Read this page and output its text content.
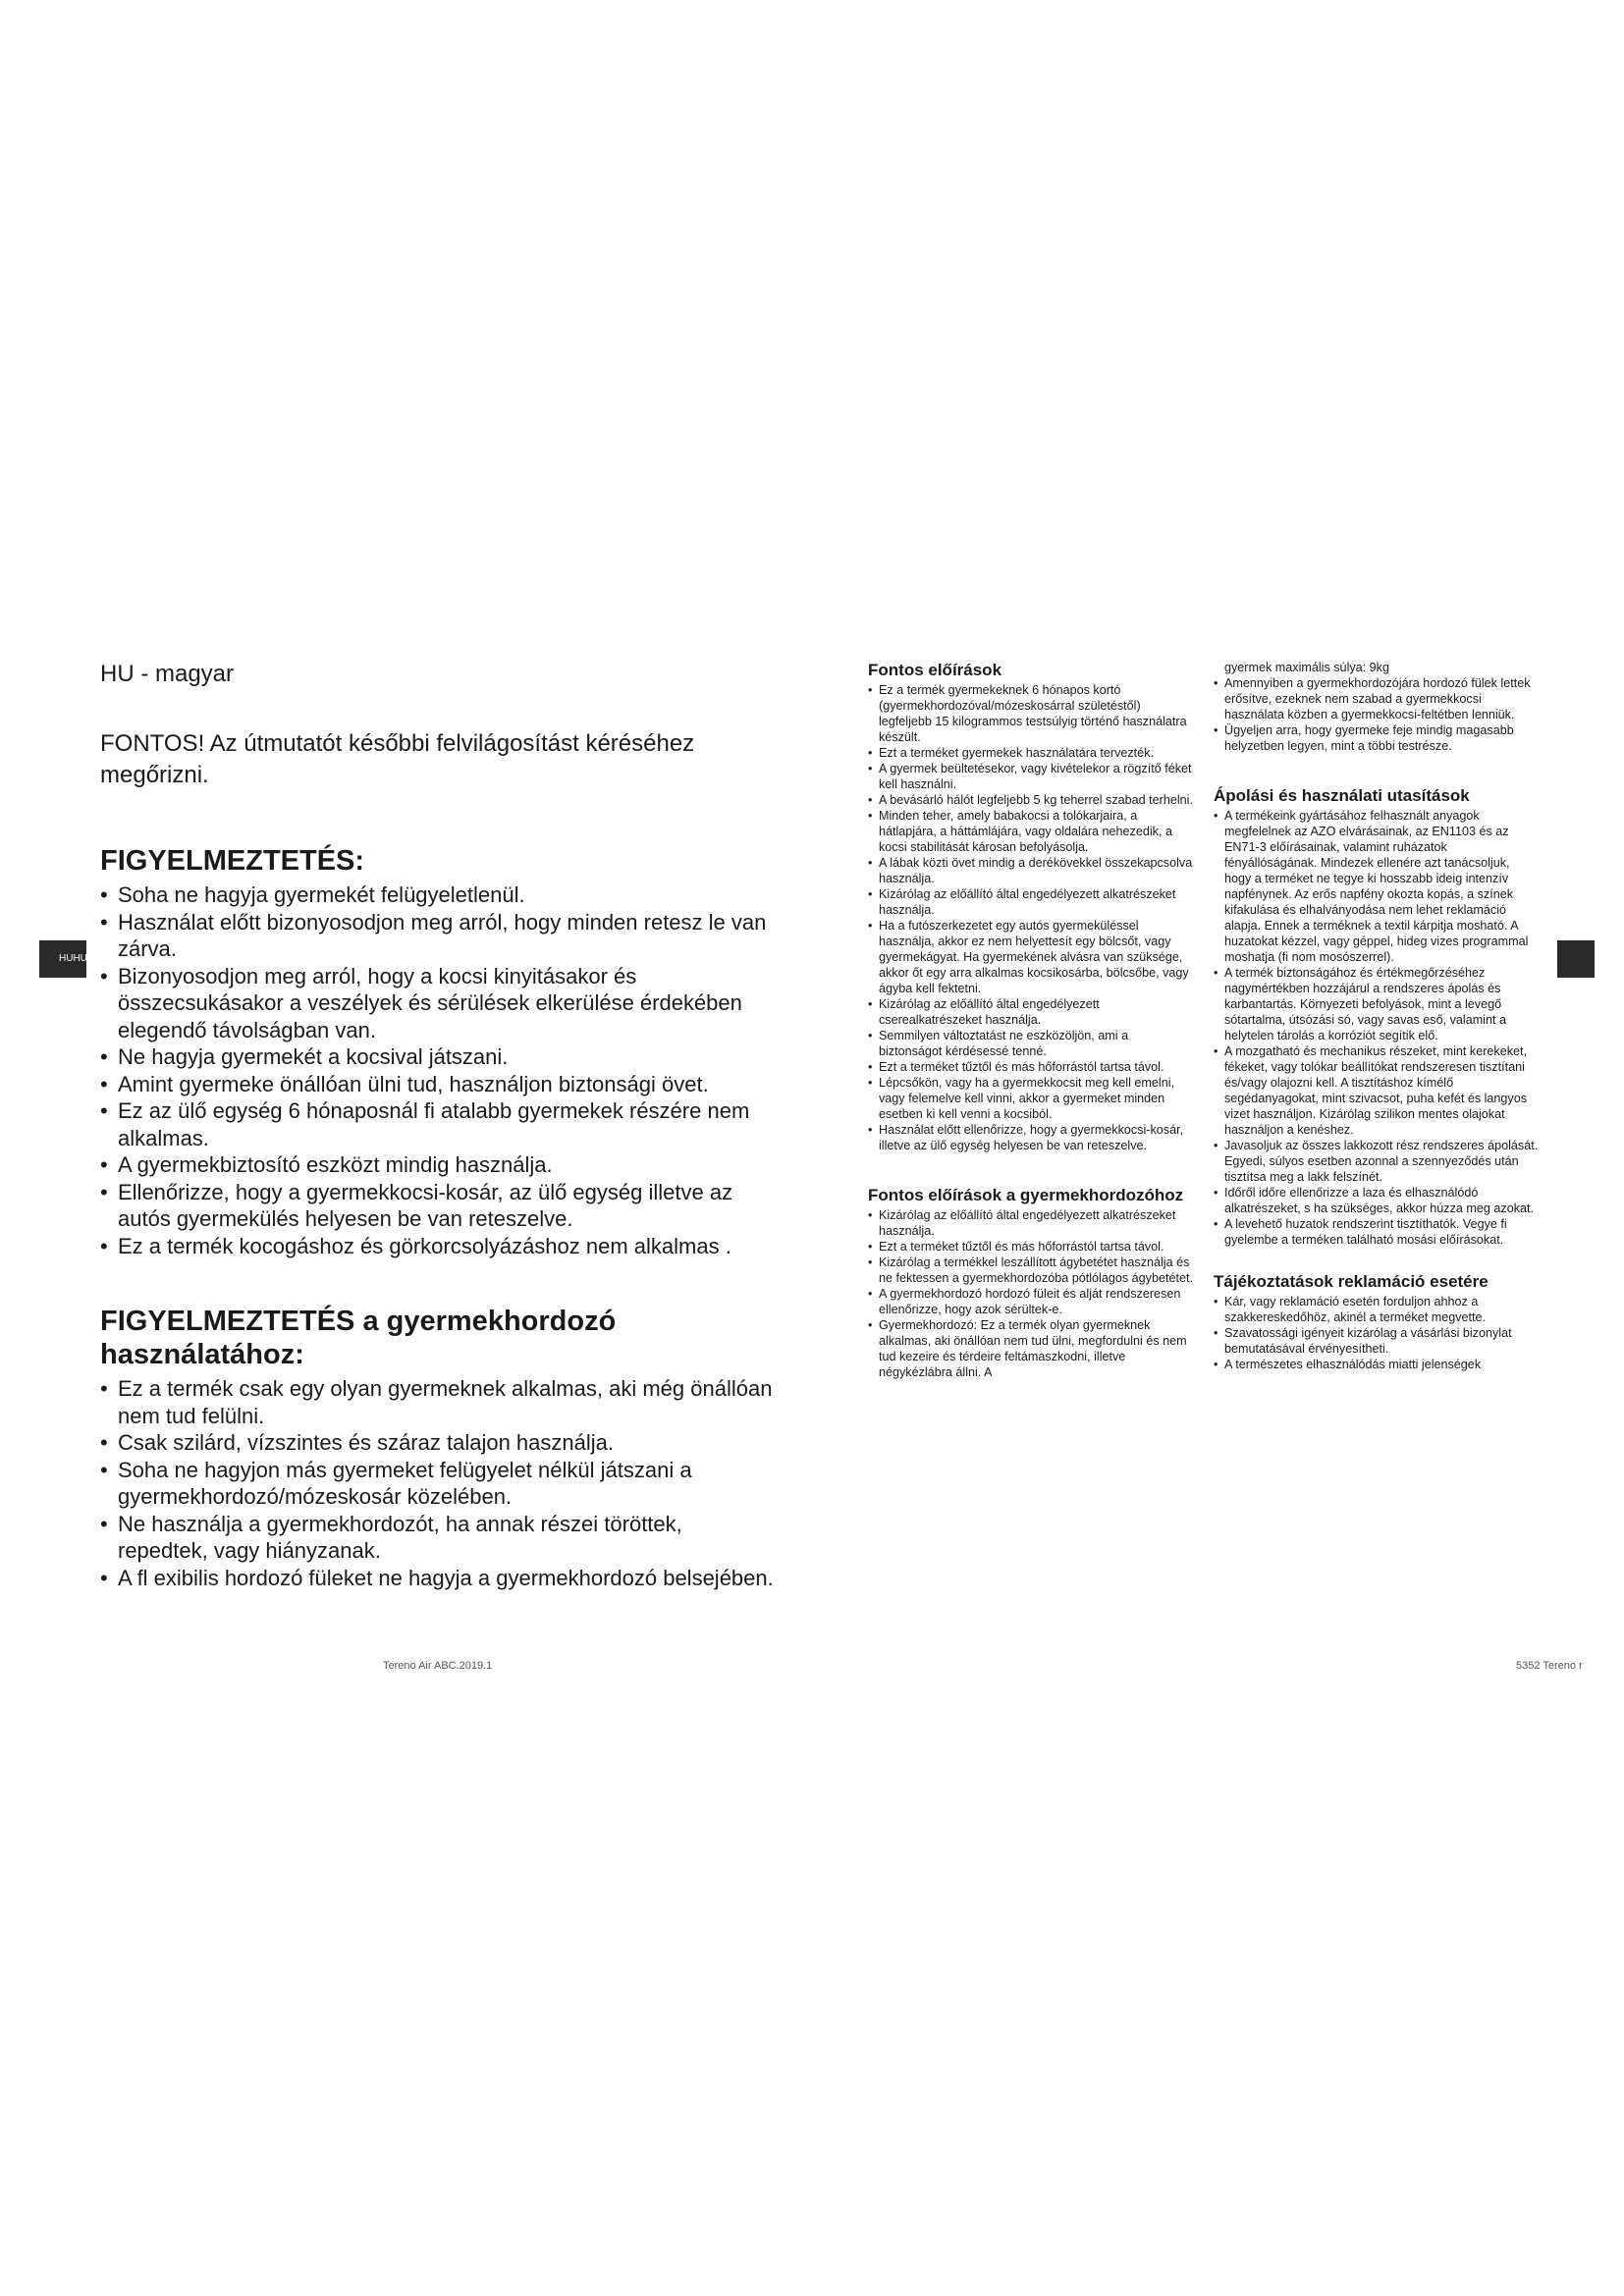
HU - magyar
FONTOS! Az útmutatót későbbi felvilágosítást kéréséhez megőrizni.
FIGYELMEZTETÉS:
• Soha ne hagyja gyermekét felügyeletlenül.
• Használat előtt bizonyosodjon meg arról, hogy minden retesz le van zárva.
• Bizonyosodjon meg arról, hogy a kocsi kinyitásakor és összecsukásakor a veszélyek és sérülések elkerülése érdekében elegendő távolságban van.
• Ne hagyja gyermekét a kocsival játszani.
• Amint gyermeke önállóan ülni tud, használjon biztonsági övet.
• Ez az ülő egység 6 hónaposnál fi atalabb gyermekek részére nem alkalmas.
• A gyermekbiztosító eszközt mindig használja.
• Ellenőrizze, hogy a gyermekkocsi-kosár, az ülő egység illetve az autós gyermekülés helyesen be van reteszelve.
• Ez a termék kocogáshoz és görkorcsolyázáshoz nem alkalmas .
FIGYELMEZTETÉS a gyermekhordozó használatához:
• Ez a termék csak egy olyan gyermeknek alkalmas, aki még önállóan nem tud felülni.
• Csak szilárd, vízszintes és száraz talajon használja.
• Soha ne hagyjon más gyermeket felügyelet nélkül játszani a gyermekhordozó/mózeskosár közelében.
• Ne használja a gyermekhordozót, ha annak részei töröttek, repedtek, vagy hiányzanak.
• A fl exibilis hordozó füleket ne hagyja a gyermekhordozó belsejében.
HUHU
Tereno Air ABC.2019.1
Fontos előírások
• Ez a termék gyermekeknek 6 hónapos kortó (gyermekhordozóval/mózeskosárral születéstől) legfeljebb 15 kilogrammos testsúlyig történő használatra készült.
• Ezt a terméket gyermekek használatára tervezték.
• A gyermek beültetésekor, vagy kivételekor a rögzítő féket kell használni.
• A bevásárló hálót legfeljebb 5 kg teherrel szabad terhelni.
• Minden teher, amely babakocsi a tolókarjaira, a hátlapjára, a háttámlájára, vagy oldalára nehezedik, a kocsi stabilitását károsan befolyásolja.
• A lábak közti övet mindig a derékövekkel összekapcsolva használja.
• Kizárólag az előállító által engedélyezett alkatrészeket használja.
• Ha a futószerkezetet egy autós gyermeküléssel használja, akkor ez nem helyettesít egy bölcsőt, vagy gyermekágyat. Ha gyermekének alvásra van szüksége, akkor őt egy arra alkalmas kocsikosárba, bölcsőbe, vagy ágyba kell fektetni.
• Kizárólag az előállító által engedélyezett cserealkatrészeket használja.
• Semmilyen változtatást ne eszközöljön, ami a biztonságot kérdésessé tenné.
• Ezt a terméket tűztől és más hőforrástól tartsa távol.
• Lépcsőkön, vagy ha a gyermekkocsit meg kell emelni, vagy felemelve kell vinni, akkor a gyermeket minden esetben ki kell venni a kocsiból.
• Használat előtt ellenőrizze, hogy a gyermekkocsi-kosár, illetve az ülő egység helyesen be van reteszelve.
Fontos előírások a gyermekhordozóhoz
• Kizárólag az előállító által engedélyezett alkatrészeket használja.
• Ezt a terméket tűztől és más hőforrástól tartsa távol.
• Kizárólag a termékkel leszállított ágybetétet használja és ne fektessen a gyermekhordozóba pótlólagos ágybetétet.
• A gyermekhordozó hordozó füleit és alját rendszeresen ellenőrizze, hogy azok sérültek-e.
• Gyermekhordozó: Ez a termék olyan gyermeknek alkalmas, aki önállóan nem tud ülni, megfordulni és nem tud kezeire és térdeire feltámaszkodni, illetve négykézlábra állni. A
gyermek maximális súlya: 9kg
• Amennyiben a gyermekhordozójára hordozó fülek lettek erősítve, ezeknek nem szabad a gyermekkocsi használata közben a gyermekkocsi-feltétben lenniük.
• Ügyeljen arra, hogy gyermeke feje mindig magasabb helyzetben legyen, mint a többi testrésze.
Ápolási és használati utasítások
• A termékeink gyártásához felhasznált anyagok megfelelnek az AZO elvárásainak, az EN1103 és az EN71-3 előírásainak, valamint ruházatok fényállóságának. Mindezek ellenére azt tanácsoljuk, hogy a terméket ne tegye ki hosszabb ideig intenzív napfénynek. Az erős napfény okozta kopás, a színek kifakulása és elhalványodása nem lehet reklamáció alapja. Ennek a terméknek a textil kárpitja mosható. A huzatokat kézzel, vagy géppel, hideg vizes programmal moshatja (fi nom mosószerrel).
• A termék biztonságához és értékmegőrzéséhez nagymértékben hozzájárul a rendszeres ápolás és karbantartás. Környezeti befolyások, mint a levegő sótartalma, útsózási só, vagy savas eső, valamint a helytelen tárolás a korróziót segítik elő.
• A mozgatható és mechanikus részeket, mint kerekeket, fékeket, vagy tolókar beállítókat rendszeresen tisztítani és/vagy olajozni kell. A tisztításhoz kímélő segédanyagokat, mint szivacsot, puha kefét és langyos vizet használjon. Kizárólag szilikon mentes olajokat használjon a kenéshez.
• Javasoljuk az összes lakkozott rész rendszeres ápolását. Egyedi, súlyos esetben azonnal a szennyeződés után tisztítsa meg a lakk felszínét.
• Időről időre ellenőrizze a laza és elhasználódó alkatrészeket, s ha szükséges, akkor húzza meg azokat.
• A levehető huzatok rendszerint tisztíthatók. Vegye fi gyelembe a terméken található mosási előírásokat.
Tájékoztatások reklamáció esetére
• Kár, vagy reklamáció esetén forduljon ahhoz a szakkereskedőhöz, akinél a terméket megvette.
• Szavatossági igényeit kizárólag a vásárlási bizonylat bemutatásával érvényesítheti.
• A természetes elhasználódás miatti jelenségek
5352 Tereno r
